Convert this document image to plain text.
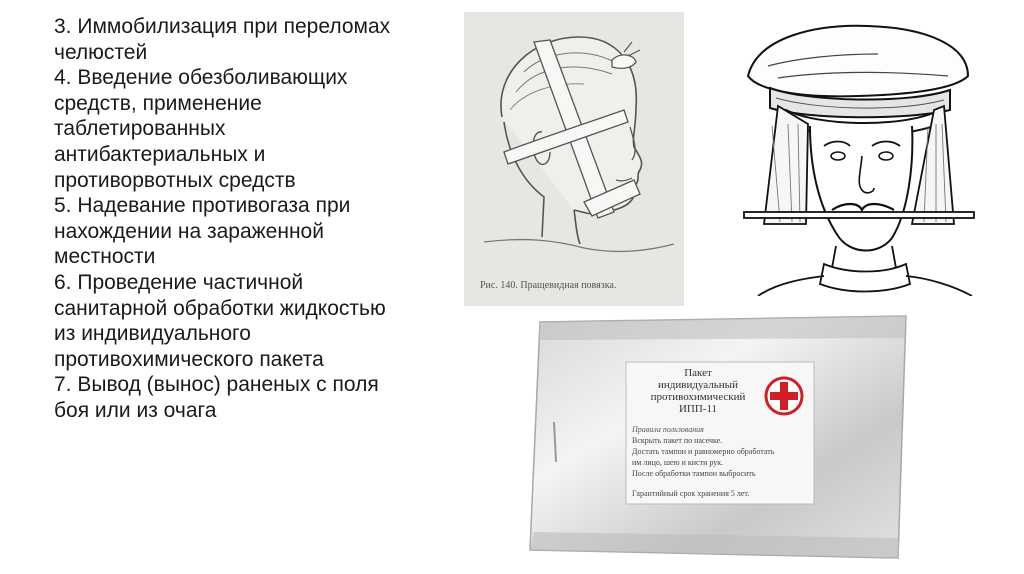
3. Иммобилизация при переломах

челюстей

4. Введение обезболивающих

средств, применение

таблетированных

антибактериальных и

противорвотных средств

5. Надевание противогаза при

нахождении на зараженной

местности

6. Проведение частичной

санитарной обработки жидкостью

из индивидуального

противохимического пакета

7. Вывод (вынос) раненых с поля

боя или из очага

Рис. 140. Пращевидная повязка.
Пакет
индивидуальный
противохимический
ИПП-11
Правила пользования
Вскрыть пакет по насечке.
Достать тампон и равномерно обработать
им лицо, шею и кисти рук.
После обработки тампон выбросить
Гарантийный срок хранения 5 лет.
